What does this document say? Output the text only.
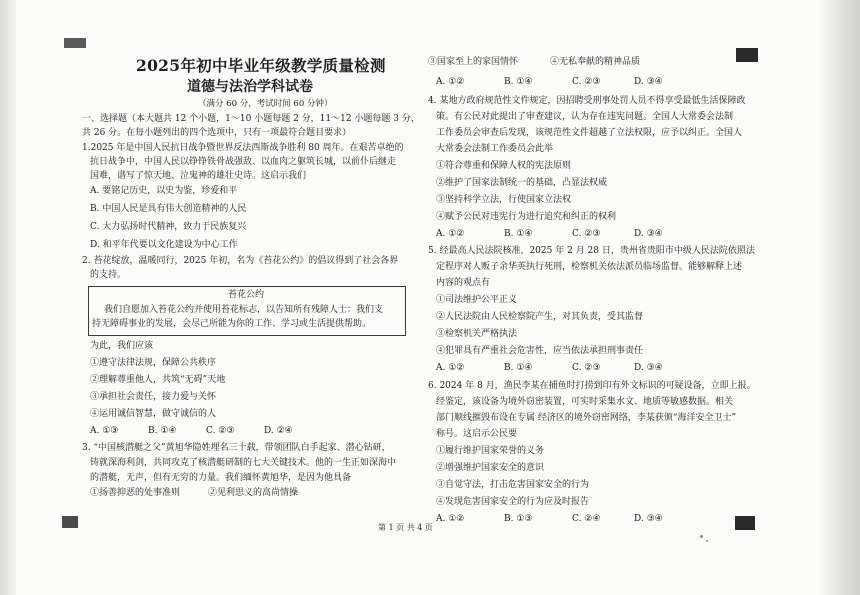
2025年初中毕业年级教学质量检测
道德与法治学科试卷
（满分 60 分，考试时间 60 分钟）
一、选择题（本大题共 12 个小题，1～10 小题每题 2 分，11～12 小题每题 3 分，
共 26 分。在每小题列出的四个选项中，只有一项最符合题目要求）
1.2025 年是中国人民抗日战争暨世界反法西斯战争胜利 80 周年。在艰苦卓绝的
抗日战争中，中国人民以铮铮铁骨战强敌、以血肉之躯筑长城，以前仆后继走
国难，谱写了惊天地、泣鬼神的雄壮史诗。这启示我们
A. 要铭记历史，以史为鉴，珍爱和平
B. 中国人民是具有伟大创造精神的人民
C. 大力弘扬时代精神，致力于民族复兴
D. 和平年代要以文化建设为中心工作
2. 苔花绽放，温暖同行，2025 年初，名为《苔花公约》的倡议得到了社会各界
的支持。
苔花公约
我们自愿加入苔花公约并使用苔花标志，以告知所有残障人士：我们支
持无障碍事业的发展，会尽己所能为你的工作、学习或生活提供帮助。
为此，我们应该
①遵守法律法规，保障公共秩序
②理解尊重他人，共筑“无碍”天地
③承担社会责任，接力爱与关怀
④运用诚信智慧，做守诚信的人
A. ①③	B. ①④	C. ②③	D. ②④
3. “中国核潜艇之父”黄旭华隐姓埋名三十载，带领团队白手起家、潜心钻研，
铸就深海利剑，共同攻克了核潜艇研制的七大关键技术。他的一生正如深海中
的潜艇，无声，但有无穷的力量。我们缅怀黄旭华，是因为他具备
①扬善抑恶的处事准则	②见利思义的高尚情操
③国家至上的家国情怀	④无私奉献的精神品质
A. ①②	B. ①④	C. ②③	D. ③④
4. 某地方政府规范性文件规定，因招聘受刑事处罚人员不得享受最低生活保障政
策。有公民对此提出了审查建议，认为存在违宪问题。全国人大常委会法制
工作委员会审查后发现，该规范性文件超越了立法权限，应予以纠正。全国人
大常委会法制工作委员会此举
①符合尊重和保障人权的宪法原则
②维护了国家法制统一的基础，凸显法权威
③坚持科学立法，行使国家立法权
④赋予公民对违宪行为进行追究和纠正的权利
A. ①②	B. ①④	C. ②③	D. ③④
5. 经最高人民法院核准，2025 年 2 月 28 日，贵州省贵阳市中级人民法院依照法
定程序对人贩子余华英执行死刑，检察机关依法派员临场监督。能够解释上述
内容的观点有
①司法维护公平正义
②人民法院由人民检察院产生，对其负责，受其监督
③检察机关严格执法
④犯罪具有严重社会危害性，应当依法承担刑事责任
A. ①②	B. ①④	C. ②③	D. ③④
6. 2024 年 8 月，渔民李某在捕鱼时打捞到印有外文标识的可疑设备，立即上报。
经鉴定，该设备为境外窃密装置，可实时采集水文、地质等敏感数据。相关
部门顺线摧毁布设在专属 经济区的境外窃密网络，李某获颁“海洋安全卫士”
称号。这启示公民要
①履行维护国家荣誉的义务
②增强维护国家安全的意识
③自觉守法，打击危害国家安全的行为
④发现危害国家安全的行为应及时报告
A. ①②	B. ①③	C. ②④	D. ③④
第 1 页 共 4 页
